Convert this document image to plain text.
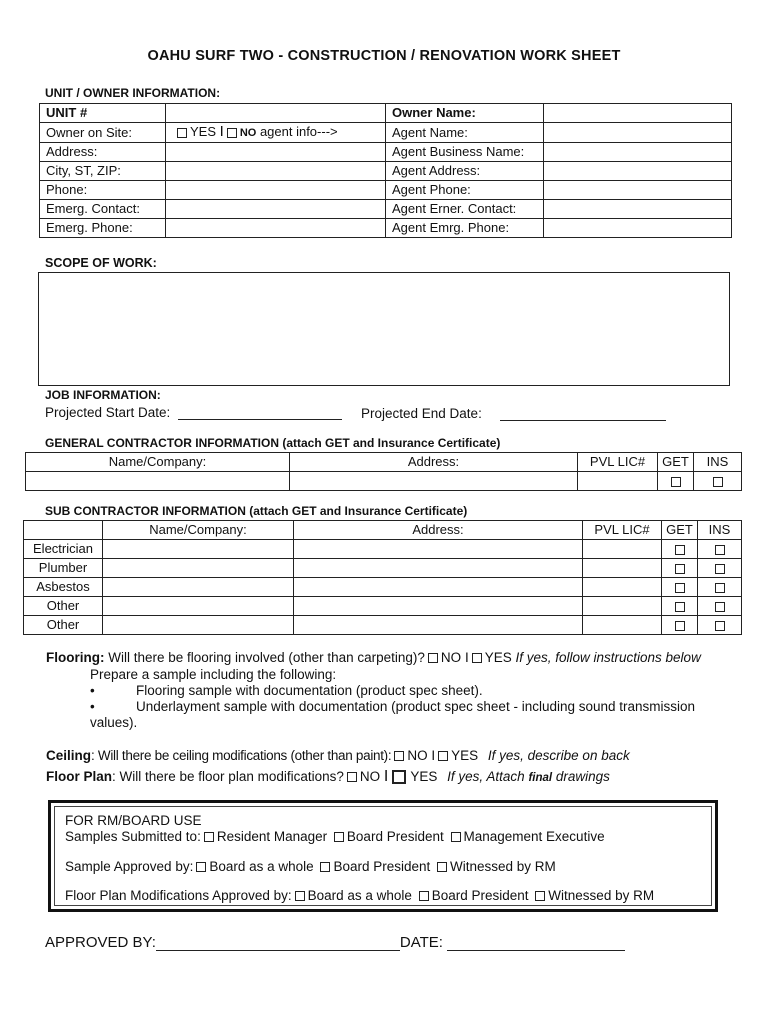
OAHU SURF TWO - CONSTRUCTION / RENOVATION WORK SHEET
UNIT / OWNER INFORMATION:
UNIT #		Owner Name:	
Owner on Site:	YES I NO agent info--->	Agent Name:	
Address:		Agent Business Name:	
City, ST, ZIP:		Agent Address:	
Phone:		Agent Phone:	
Emerg. Contact:		Agent Erner. Contact:	
Emerg. Phone:		Agent Emrg. Phone:	
SCOPE OF WORK:
JOB INFORMATION:
Projected Start Date:	Projected End Date:
GENERAL CONTRACTOR INFORMATION (attach GET and Insurance Certificate)
Name/Company:	Address:	PVL LIC#	GET	INS

SUB CONTRACTOR INFORMATION (attach GET and Insurance Certificate)
	Name/Company:	Address:	PVL LIC#	GET	INS
Electrician					
Plumber					
Asbestos					
Other					
Other					
Flooring: Will there be flooring involved (other than carpeting)? NO I YES If yes, follow instructions below
Prepare a sample including the following:
•	Flooring sample with documentation (product spec sheet).
•	Underlayment sample with documentation (product spec sheet - including sound transmission
values).
Ceiling: Will there be ceiling modifications (other than paint): NO I YES If yes, describe on back
Floor Plan: Will there be floor plan modifications? NO I YES If yes, Attach final drawings
FOR RM/BOARD USE
Samples Submitted to: Resident Manager Board President Management Executive
Sample Approved by: Board as a whole Board President Witnessed by RM
Floor Plan Modifications Approved by: Board as a whole Board President Witnessed by RM
APPROVED BY:	DATE:
